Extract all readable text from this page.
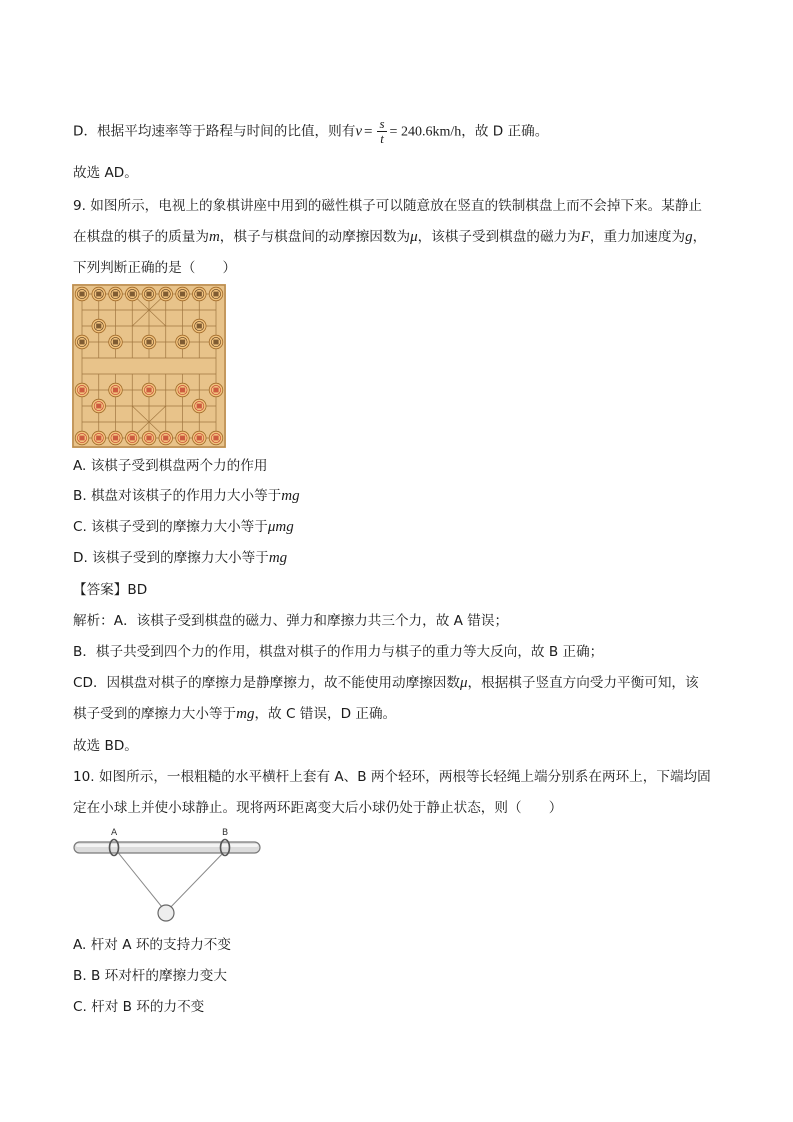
D．根据平均速率等于路程与时间的比值，则有$v = \frac{s}{t} = 240.6km/h$，故 D 正确。
故选 AD。
9. 如图所示，电视上的象棋讲座中用到的磁性棋子可以随意放在竖直的铁制棋盘上而不会掉下来。某静止
在棋盘的棋子的质量为m，棋子与棋盘间的动摩擦因数为μ，该棋子受到棋盘的磁力为F，重力加速度为g，
下列判断正确的是（　　）
A. 该棋子受到棋盘两个力的作用
B. 棋盘对该棋子的作用力大小等于mg
C. 该棋子受到的摩擦力大小等于μmg
D. 该棋子受到的摩擦力大小等于mg
【答案】BD
解析：A．该棋子受到棋盘的磁力、弹力和摩擦力共三个力，故 A 错误；
B．棋子共受到四个力的作用，棋盘对棋子的作用力与棋子的重力等大反向，故 B 正确；
CD．因棋盘对棋子的摩擦力是静摩擦力，故不能使用动摩擦因数μ，根据棋子竖直方向受力平衡可知，该
棋子受到的摩擦力大小等于mg，故 C 错误，D 正确。
故选 BD。
10. 如图所示，一根粗糙的水平横杆上套有 A、B 两个轻环，两根等长轻绳上端分别系在两环上，下端均固
定在小球上并使小球静止。现将两环距离变大后小球仍处于静止状态，则（　　）
A	B
A. 杆对 A 环的支持力不变
B. B 环对杆的摩擦力变大
C. 杆对 B 环的力不变
